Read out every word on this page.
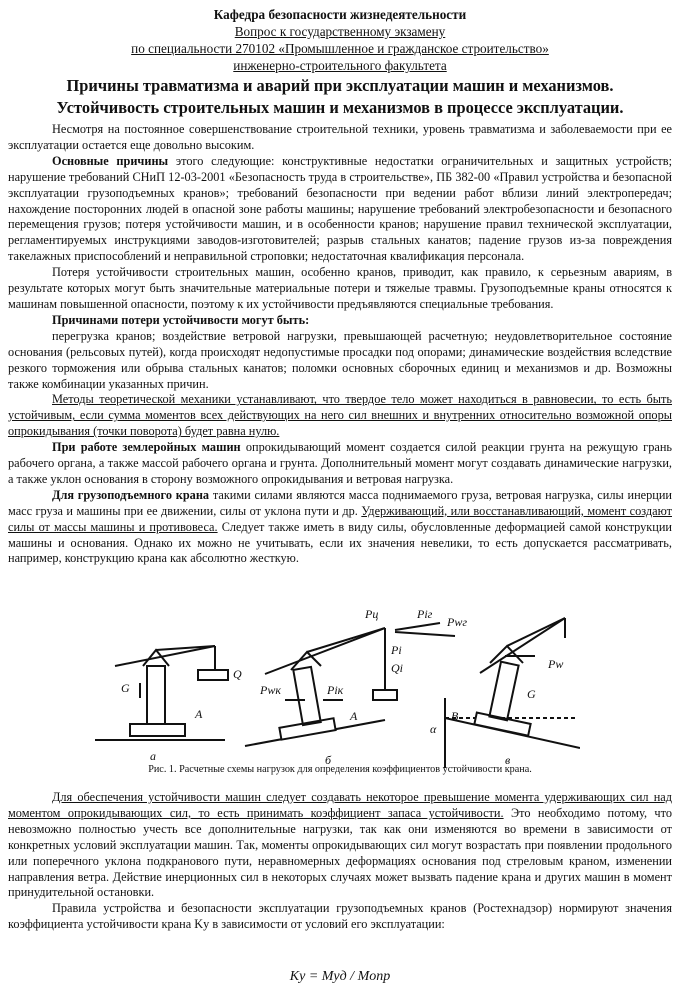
Кафедра безопасности жизнедеятельности
Вопрос к государственному экзамену
по специальности 270102 «Промышленное и гражданское строительство»
инженерно-строительного факультета
Причины травматизма и аварий при эксплуатации машин и механизмов.
Устойчивость строительных машин и механизмов в процессе эксплуатации.

Несмотря на постоянное совершенствование строительной техники, уровень травматизма и заболеваемости при ее эксплуатации остается еще довольно высоким.

Основные причины этого следующие: конструктивные недостатки ограничительных и защитных устройств; нарушение требований СНиП 12-03-2001 «Безопасность труда в строительстве», ПБ 382-00 «Правил устройства и безопасной эксплуатации грузоподъемных кранов»; требований безопасности при ведении работ вблизи линий электропередач; нахождение посторонних людей в опасной зоне работы машины; нарушение требований электробезопасности и безопасного перемещения грузов; потеря устойчивости машин, и в особенности кранов; нарушение правил технической эксплуатации, регламентируемых инструкциями заводов-изготовителей; разрыв стальных канатов; падение грузов из-за повреждения такелажных приспособлений и неправильной строповки; недостаточная квалификация персонала.

Потеря устойчивости строительных машин, особенно кранов, приводит, как правило, к серьезным авариям, в результате которых могут быть значительные материальные потери и тяжелые травмы. Грузоподъемные краны относятся к машинам повышенной опасности, поэтому к их устойчивости предъявляются специальные требования.

Причинами потери устойчивости могут быть:

перегрузка кранов; воздействие ветровой нагрузки, превышающей расчетную; неудовлетворительное состояние основания (рельсовых путей), когда происходят недопустимые просадки под опорами; динамические воздействия вследствие резкого торможения или обрыва стальных канатов; поломки основных сборочных единиц и механизмов и др. Возможны также комбинации указанных причин.

Методы теоретической механики устанавливают, что твердое тело может находиться в равновесии, то есть быть устойчивым, если сумма моментов всех действующих на него сил внешних и внутренних относительно возможной опоры опрокидывания (точки поворота) будет равна нулю.

При работе землеройных машин опрокидывающий момент создается силой реакции грунта на режущую грань рабочего органа, а также массой рабочего органа и грунта. Дополнительный момент могут создавать динамические нагрузки, а также уклон основания в сторону возможного опрокидывания и ветровая нагрузка.

Для грузоподъемного крана такими силами являются масса поднимаемого груза, ветровая нагрузка, силы инерции масс груза и машины при ее движении, силы от уклона пути и др. Удерживающий, или восстанавливающий, момент создают силы от массы машины и противовеса. Следует также иметь в виду силы, обусловленные деформацией самой конструкции машины и основания. Однако их можно не учитывать, если их значения невелики, то есть допускается рассматривать, например, конструкцию крана как абсолютно жесткую.

G
Q
A
а
Pwк	Piк
Pц	Piг
Pwг
Pi
Qi
A
б
Pw
G
B
α
в
Рис. 1. Расчетные схемы нагрузок для определения коэффициентов устойчивости крана.

Для обеспечения устойчивости машин следует создавать некоторое превышение момента удерживающих сил над моментом опрокидывающих сил, то есть принимать коэффициент запаса устойчивости. Это необходимо потому, что невозможно полностью учесть все дополнительные нагрузки, так как они изменяются во времени в зависимости от конкретных условий эксплуатации машин. Так, моменты опрокидывающих сил могут возрастать при появлении продольного или поперечного уклона подкранового пути, неравномерных деформациях основания под стреловым краном, изменении направления ветра. Действие инерционных сил в некоторых случаях может вызвать падение крана и других машин в момент принудительной остановки.

Правила устройства и безопасности эксплуатации грузоподъемных кранов (Ростехнадзор) нормируют значения коэффициента устойчивости крана Kу в зависимости от условий его эксплуатации:

Ky = Mуд / Mопр
